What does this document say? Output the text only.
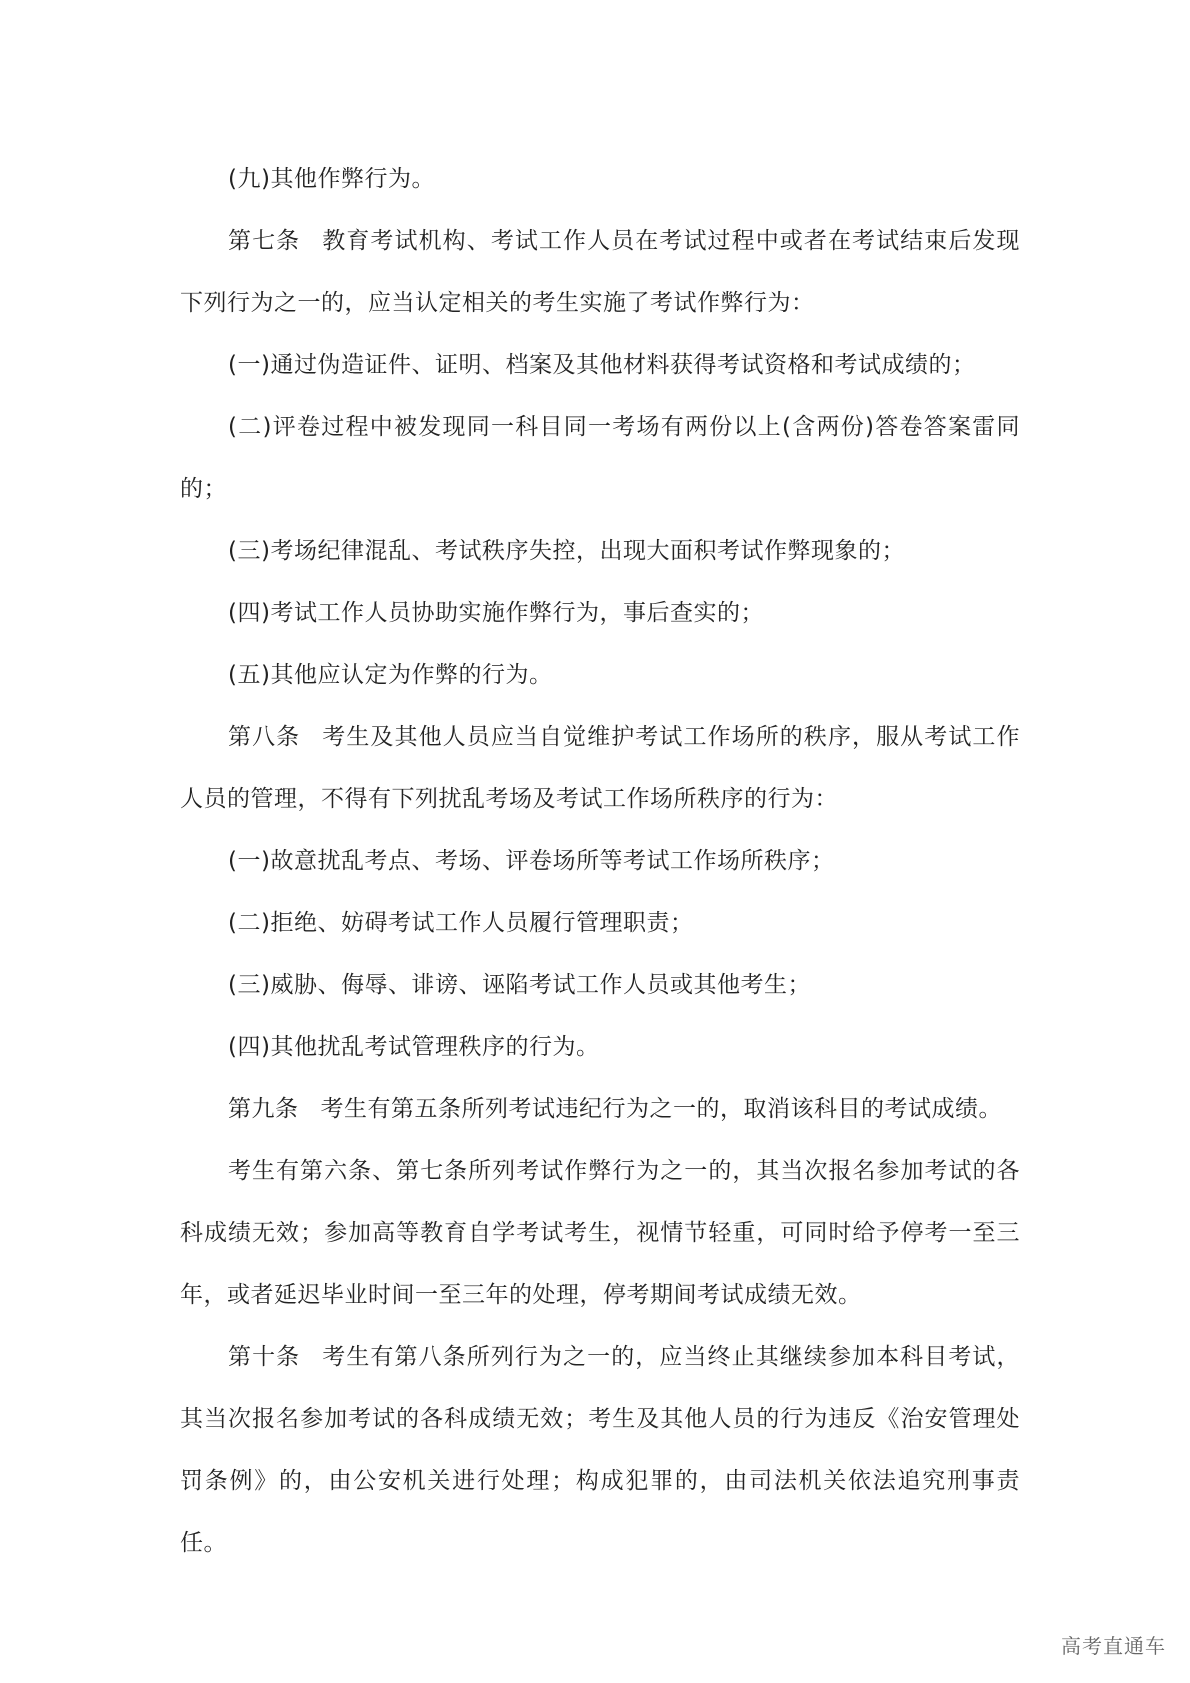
(九)其他作弊行为。

第七条 教育考试机构、考试工作人员在考试过程中或者在考试结束后发现下列行为之一的，应当认定相关的考生实施了考试作弊行为：

(一)通过伪造证件、证明、档案及其他材料获得考试资格和考试成绩的；

(二)评卷过程中被发现同一科目同一考场有两份以上(含两份)答卷答案雷同的；

(三)考场纪律混乱、考试秩序失控，出现大面积考试作弊现象的；

(四)考试工作人员协助实施作弊行为，事后查实的；

(五)其他应认定为作弊的行为。

第八条 考生及其他人员应当自觉维护考试工作场所的秩序，服从考试工作人员的管理，不得有下列扰乱考场及考试工作场所秩序的行为：

(一)故意扰乱考点、考场、评卷场所等考试工作场所秩序；

(二)拒绝、妨碍考试工作人员履行管理职责；

(三)威胁、侮辱、诽谤、诬陷考试工作人员或其他考生；

(四)其他扰乱考试管理秩序的行为。

第九条 考生有第五条所列考试违纪行为之一的，取消该科目的考试成绩。

考生有第六条、第七条所列考试作弊行为之一的，其当次报名参加考试的各科成绩无效；参加高等教育自学考试考生，视情节轻重，可同时给予停考一至三年，或者延迟毕业时间一至三年的处理，停考期间考试成绩无效。

第十条 考生有第八条所列行为之一的，应当终止其继续参加本科目考试，其当次报名参加考试的各科成绩无效；考生及其他人员的行为违反《治安管理处罚条例》的，由公安机关进行处理；构成犯罪的，由司法机关依法追究刑事责任。

高考直通车
